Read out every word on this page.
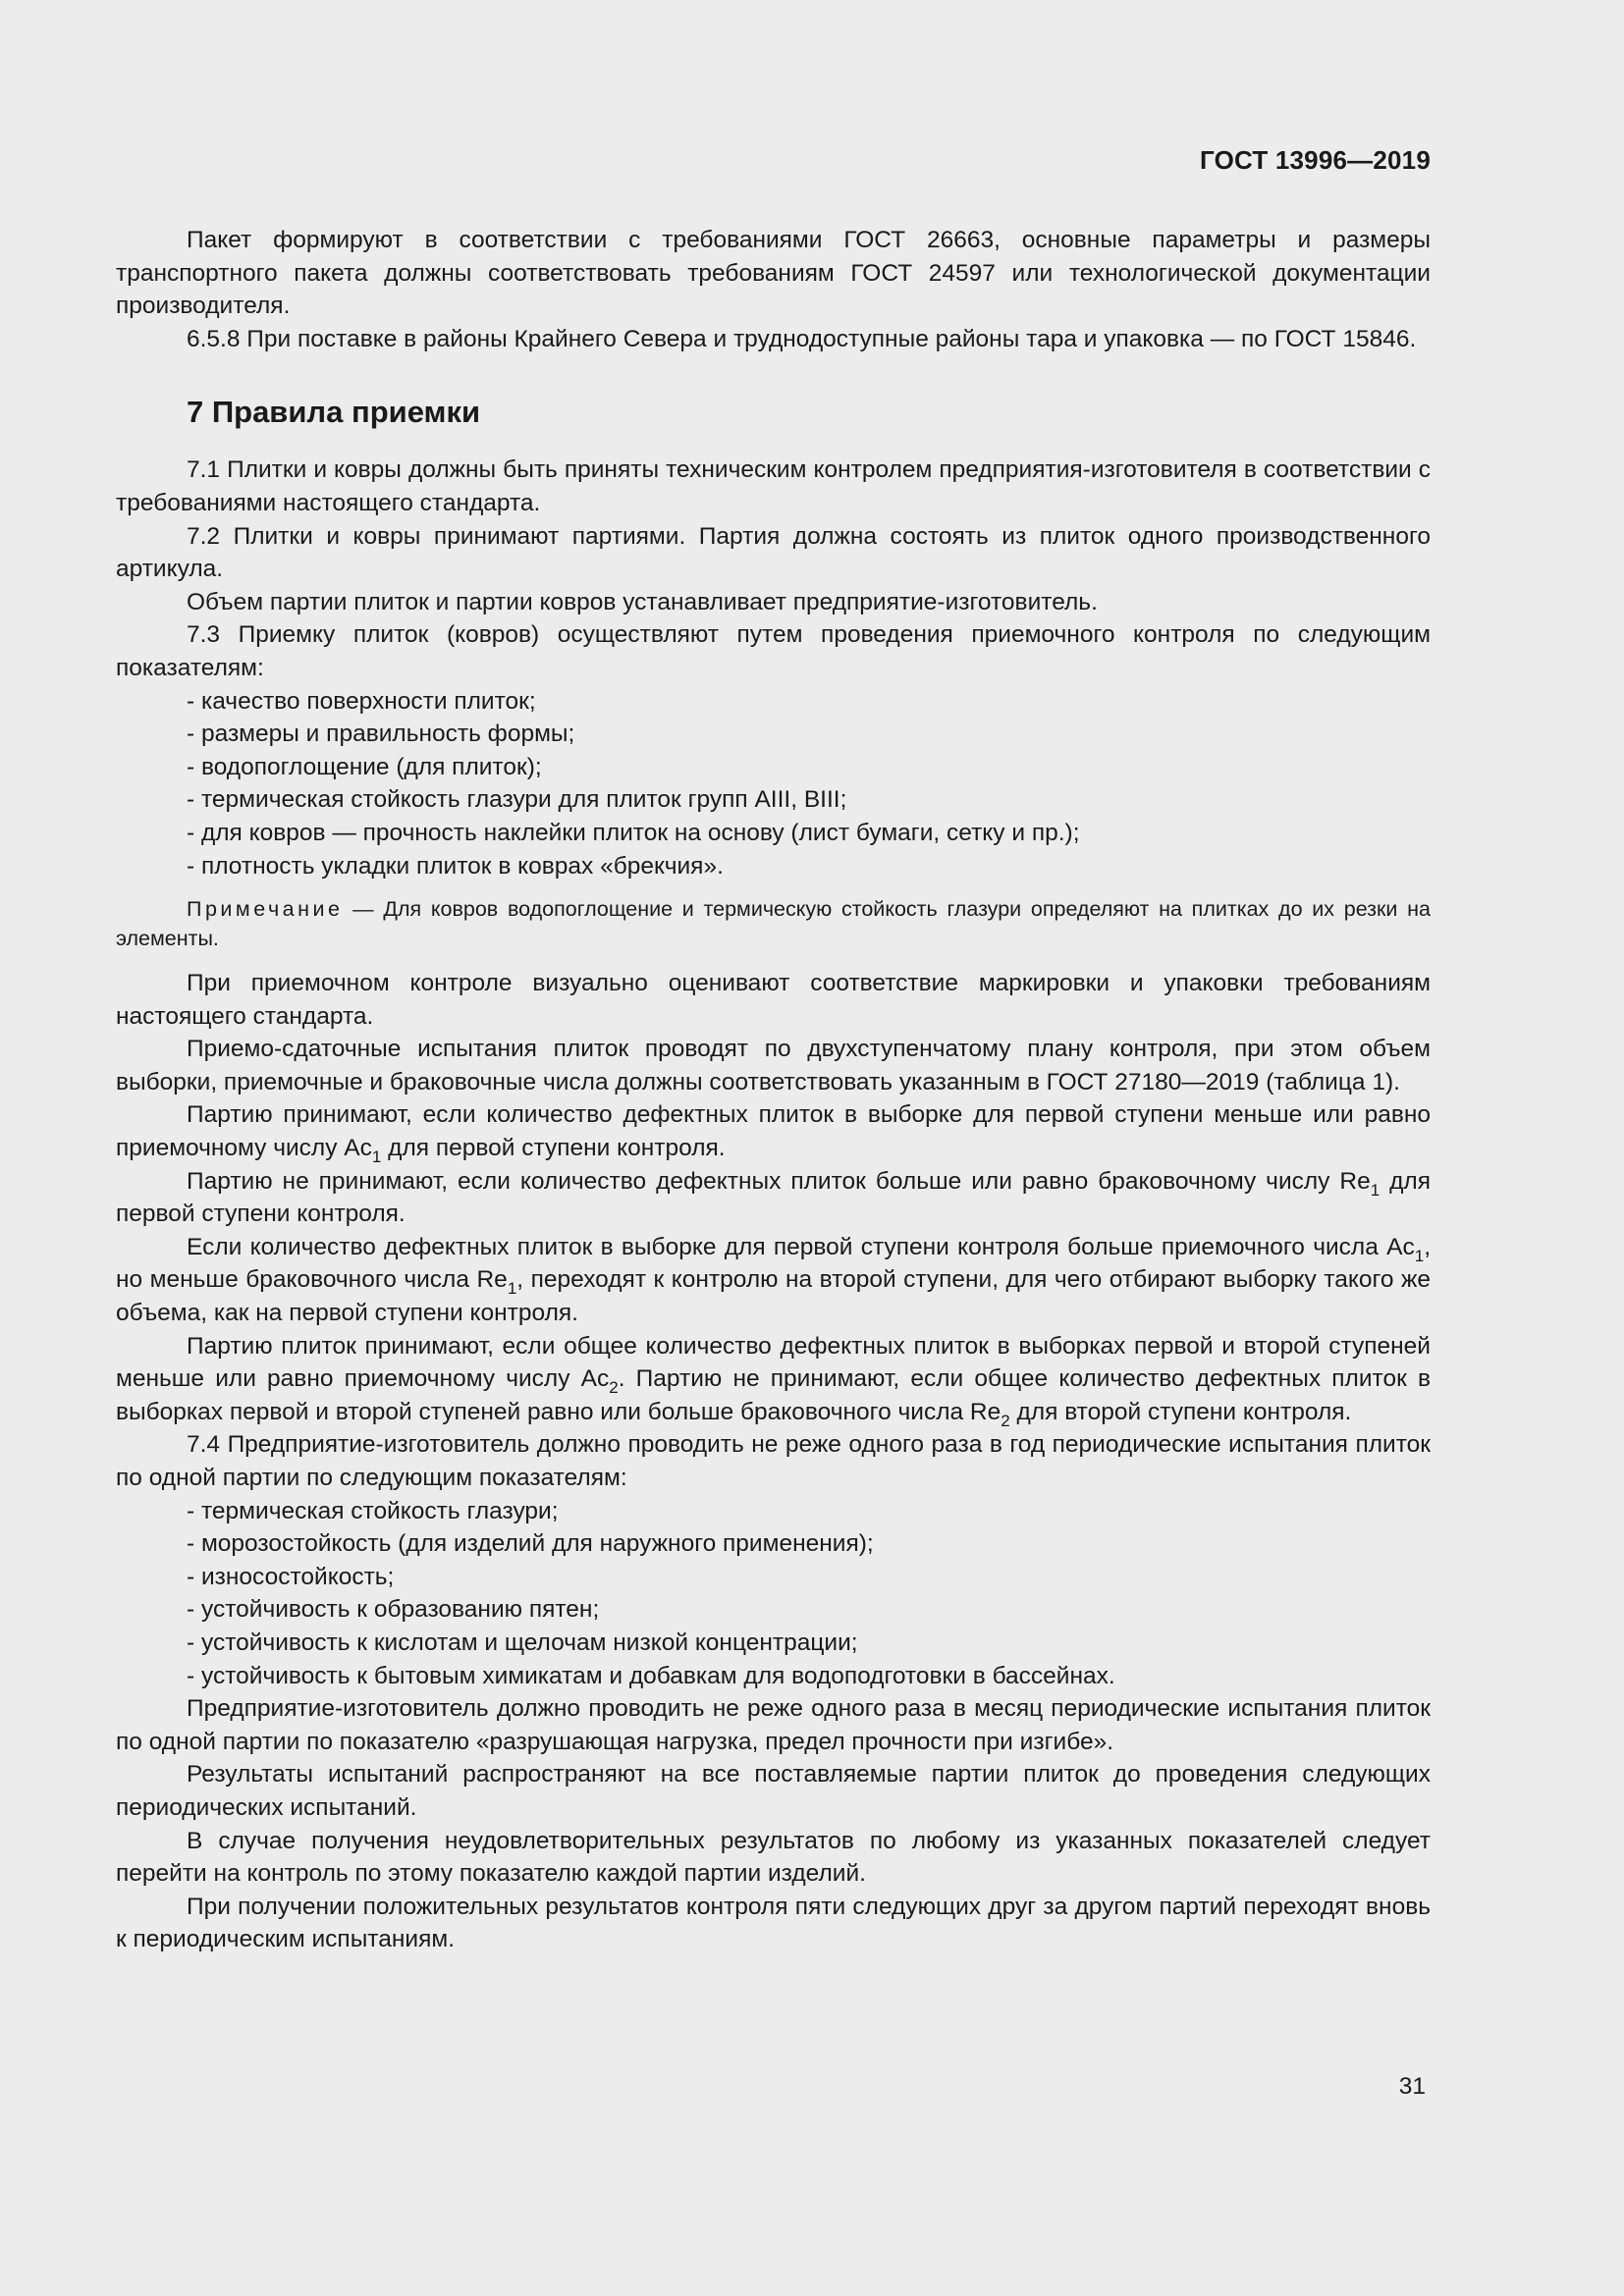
ГОСТ 13996—2019

Пакет формируют в соответствии с требованиями ГОСТ 26663, основные параметры и размеры транспортного пакета должны соответствовать требованиям ГОСТ 24597 или технологической документации производителя.

6.5.8 При поставке в районы Крайнего Севера и труднодоступные районы тара и упаковка — по ГОСТ 15846.

7 Правила приемки

7.1 Плитки и ковры должны быть приняты техническим контролем предприятия-изготовителя в соответствии с требованиями настоящего стандарта.

7.2 Плитки и ковры принимают партиями. Партия должна состоять из плиток одного производственного артикула.

Объем партии плиток и партии ковров устанавливает предприятие-изготовитель.

7.3 Приемку плиток (ковров) осуществляют путем проведения приемочного контроля по следующим показателям:

- качество поверхности плиток;

- размеры и правильность формы;

- водопоглощение (для плиток);

- термическая стойкость глазури для плиток групп AIII, BIII;

- для ковров — прочность наклейки плиток на основу (лист бумаги, сетку и пр.);

- плотность укладки плиток в коврах «брекчия».

Примечание — Для ковров водопоглощение и термическую стойкость глазури определяют на плитках до их резки на элементы.

При приемочном контроле визуально оценивают соответствие маркировки и упаковки требованиям настоящего стандарта.

Приемо-сдаточные испытания плиток проводят по двухступенчатому плану контроля, при этом объем выборки, приемочные и браковочные числа должны соответствовать указанным в ГОСТ 27180—2019 (таблица 1).

Партию принимают, если количество дефектных плиток в выборке для первой ступени меньше или равно приемочному числу $Ac_1$ для первой ступени контроля.

Партию не принимают, если количество дефектных плиток больше или равно браковочному числу $Re_1$ для первой ступени контроля.

Если количество дефектных плиток в выборке для первой ступени контроля больше приемочного числа $Ac_1$, но меньше браковочного числа $Re_1$, переходят к контролю на второй ступени, для чего отбирают выборку такого же объема, как на первой ступени контроля.

Партию плиток принимают, если общее количество дефектных плиток в выборках первой и второй ступеней меньше или равно приемочному числу $Ac_2$. Партию не принимают, если общее количество дефектных плиток в выборках первой и второй ступеней равно или больше браковочного числа $Re_2$ для второй ступени контроля.

7.4 Предприятие-изготовитель должно проводить не реже одного раза в год периодические испытания плиток по одной партии по следующим показателям:

- термическая стойкость глазури;

- морозостойкость (для изделий для наружного применения);

- износостойкость;

- устойчивость к образованию пятен;

- устойчивость к кислотам и щелочам низкой концентрации;

- устойчивость к бытовым химикатам и добавкам для водоподготовки в бассейнах.

Предприятие-изготовитель должно проводить не реже одного раза в месяц периодические испытания плиток по одной партии по показателю «разрушающая нагрузка, предел прочности при изгибе».

Результаты испытаний распространяют на все поставляемые партии плиток до проведения следующих периодических испытаний.

В случае получения неудовлетворительных результатов по любому из указанных показателей следует перейти на контроль по этому показателю каждой партии изделий.

При получении положительных результатов контроля пяти следующих друг за другом партий переходят вновь к периодическим испытаниям.

31
